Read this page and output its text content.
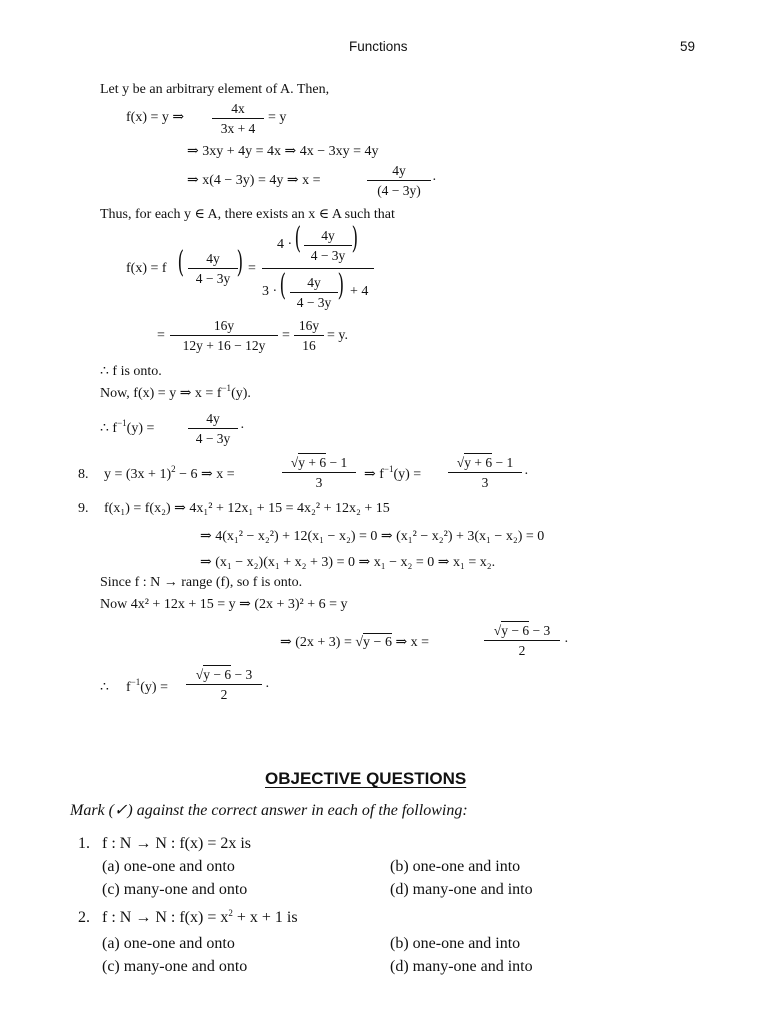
Functions	59
Let y be an arbitrary element of A. Then,
f(x) = y ⇒ $\frac{4x}{3x + 4} = y$
⇒ 3xy + 4y = 4x ⇒ 4x − 3xy = 4y
⇒ x(4 − 3y) = 4y ⇒ x =	$\frac{4y}{(4 - 3y)}$ ·
Thus, for each y ∈ A, there exists an x ∈ A such that
f(x) = f ( $\frac{4y}{4 - 3y}$
) =
4 · ( $\frac{4y}{4 - 3y}$ )
3 · ( $\frac{4y}{4 - 3y}$ ) + 4
= $\frac{16y}{12y + 16 - 12y} = \frac{16y}{16} = y$.
∴ f is onto.
Now, f(x) = y ⇒ $x = f^{-1}(y)$.
∴ $f^{-1}(y) = \frac{4y}{4 - 3y}$ ·
8. $y = (3x + 1)^2 - 6$ ⇒ x =	$\frac{√y + 6 - 1}{3}$ ⇒ $f^{-1}(y) = \frac{√y + 6 - 1}{3}$ ·
9. f(x₁) = f(x₂) ⇒ 4x₁² + 12x₁ + 15 = 4x₂² + 12x₂ + 15
⇒ 4(x₁² − x₂²) + 12(x₁ − x₂) = 0 ⇒ (x₁² − x₂²) + 3(x₁ − x₂) = 0
⇒ (x₁ − x₂)(x₁ + x₂ + 3) = 0 ⇒ x₁ − x₂ = 0 ⇒ x₁ = x₂.
Since f : N → range (f), so f is onto.
Now 4x² + 12x + 15 = y ⇒ (2x + 3)² + 6 = y
⇒ (2x + 3) = √y − 6 ⇒ x =	$\frac{√y - 6 - 3}{2}$ ·
∴ $f^{-1}(y) = \frac{√y - 6 - 3}{2}$ ·
OBJECTIVE QUESTIONS
Mark (✓) against the correct answer in each of the following:
1. f : N → N : f(x) = 2x is
(a) one-one and onto	(b) one-one and into
(c) many-one and onto	(d) many-one and into
2. f : N → N : $f(x) = x^2 + x + 1$ is
(a) one-one and onto	(b) one-one and into
(c) many-one and onto	(d) many-one and into
